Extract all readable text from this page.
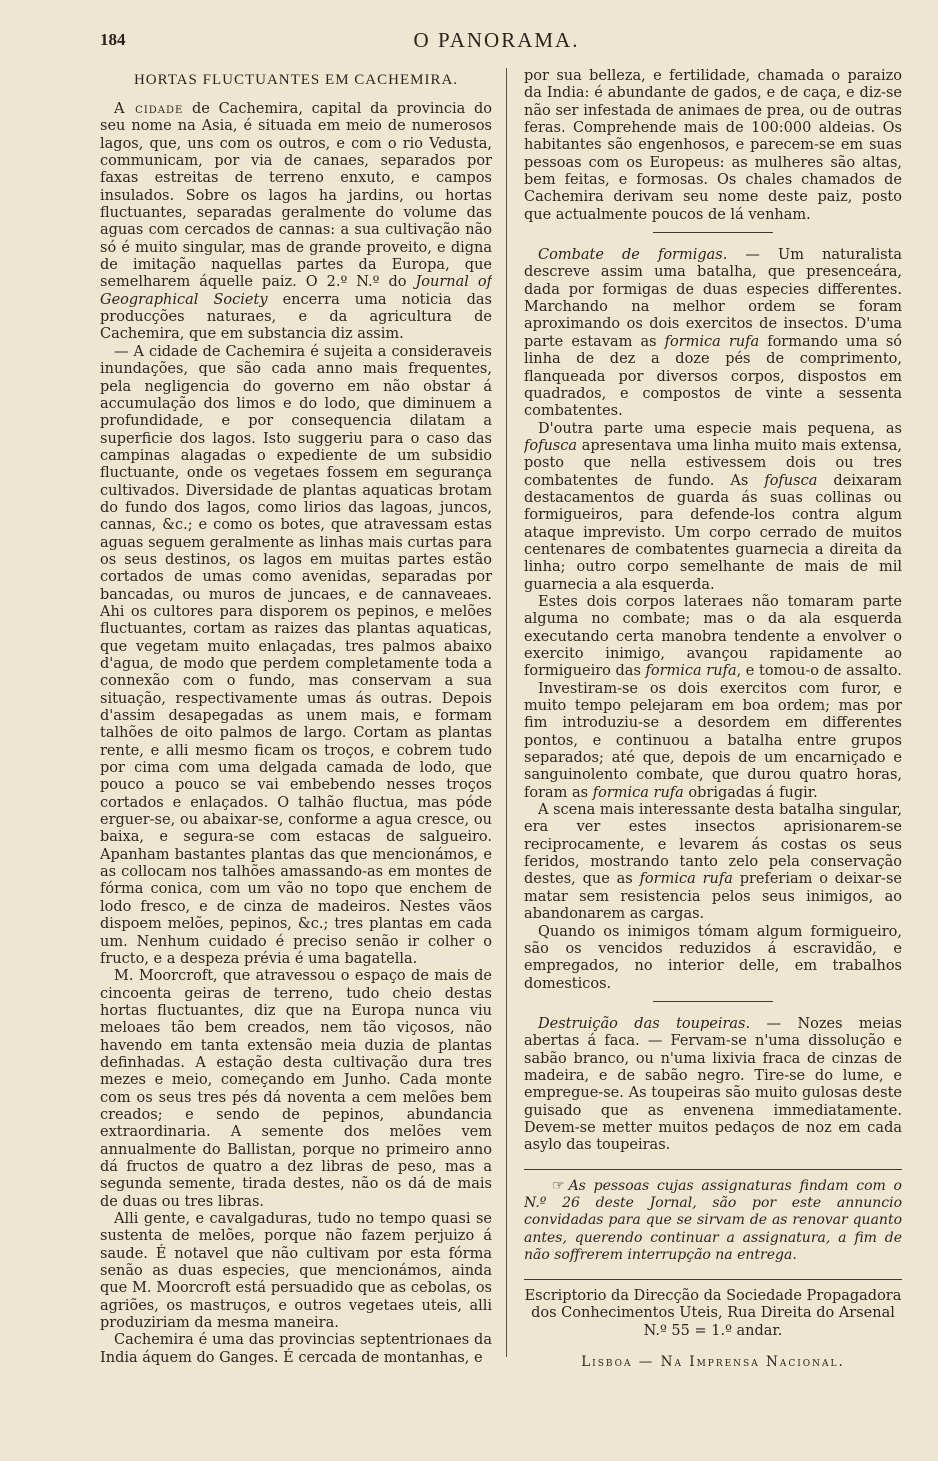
184	O PANORAMA.
HORTAS FLUCTUANTES EM CACHEMIRA.

A cidade de Cachemira, capital da provincia do seu nome na Asia, é situada em meio de numerosos lagos, que, uns com os outros, e com o rio Vedusta, communicam, por via de canaes, separados por faxas estreitas de terreno enxuto, e campos insulados. Sobre os lagos ha jardins, ou hortas fluctuantes, separadas geralmente do volume das aguas com cercados de cannas: a sua cultivação não só é muito singular, mas de grande proveito, e digna de imitação naquellas partes da Europa, que semelharem áquelle paiz. O 2.º N.º do Journal of Geographical Society encerra uma noticia das producções naturaes, e da agricultura de Cachemira, que em substancia diz assim.

— A cidade de Cachemira é sujeita a consideraveis inundações, que são cada anno mais frequentes, pela negligencia do governo em não obstar á accumulação dos limos e do lodo, que diminuem a profundidade, e por consequencia dilatam a superficie dos lagos. Isto suggeriu para o caso das campinas alagadas o expediente de um subsidio fluctuante, onde os vegetaes fossem em segurança cultivados. Diversidade de plantas aquaticas brotam do fundo dos lagos, como lirios das lagoas, juncos, cannas, &c.; e como os botes, que atravessam estas aguas seguem geralmente as linhas mais curtas para os seus destinos, os lagos em muitas partes estão cortados de umas como avenidas, separadas por bancadas, ou muros de juncaes, e de cannaveaes. Ahi os cultores para disporem os pepinos, e melões fluctuantes, cortam as raizes das plantas aquaticas, que vegetam muito enlaçadas, tres palmos abaixo d'agua, de modo que perdem completamente toda a connexão com o fundo, mas conservam a sua situação, respectivamente umas ás outras. Depois d'assim desapegadas as unem mais, e formam talhões de oito palmos de largo. Cortam as plantas rente, e alli mesmo ficam os troços, e cobrem tudo por cima com uma delgada camada de lodo, que pouco a pouco se vai embebendo nesses troços cortados e enlaçados. O talhão fluctua, mas póde erguer-se, ou abaixar-se, conforme a agua cresce, ou baixa, e segura-se com estacas de salgueiro. Apanham bastantes plantas das que mencionámos, e as collocam nos talhões amassando-as em montes de fórma conica, com um vão no topo que enchem de lodo fresco, e de cinza de madeiros. Nestes vãos dispoem melões, pepinos, &c.; tres plantas em cada um. Nenhum cuidado é preciso senão ir colher o fructo, e a despeza prévia é uma bagatella.

M. Moorcroft, que atravessou o espaço de mais de cincoenta geiras de terreno, tudo cheio destas hortas fluctuantes, diz que na Europa nunca viu meloaes tão bem creados, nem tão viçosos, não havendo em tanta extensão meia duzia de plantas definhadas. A estação desta cultivação dura tres mezes e meio, começando em Junho. Cada monte com os seus tres pés dá noventa a cem melões bem creados; e sendo de pepinos, abundancia extraordinaria. A semente dos melões vem annualmente do Ballistan, porque no primeiro anno dá fructos de quatro a dez libras de peso, mas a segunda semente, tirada destes, não os dá de mais de duas ou tres libras.

Alli gente, e cavalgaduras, tudo no tempo quasi se sustenta de melões, porque não fazem perjuizo á saude. É notavel que não cultivam por esta fórma senão as duas especies, que mencionámos, ainda que M. Moorcroft está persuadido que as cebolas, os agriões, os mastruços, e outros vegetaes uteis, alli produziriam da mesma maneira.

Cachemira é uma das provincias septentrionaes da India áquem do Ganges. É cercada de montanhas, e

por sua belleza, e fertilidade, chamada o paraizo da India: é abundante de gados, e de caça, e diz-se não ser infestada de animaes de prea, ou de outras feras. Comprehende mais de 100:000 aldeias. Os habitantes são engenhosos, e parecem-se em suas pessoas com os Europeus: as mulheres são altas, bem feitas, e formosas. Os chales chamados de Cachemira derivam seu nome deste paiz, posto que actualmente poucos de lá venham.

Combate de formigas. — Um naturalista descreve assim uma batalha, que presenceára, dada por formigas de duas especies differentes. Marchando na melhor ordem se foram aproximando os dois exercitos de insectos. D'uma parte estavam as formica rufa formando uma só linha de dez a doze pés de comprimento, flanqueada por diversos corpos, dispostos em quadrados, e compostos de vinte a sessenta combatentes.

D'outra parte uma especie mais pequena, as fofusca apresentava uma linha muito mais extensa, posto que nella estivessem dois ou tres combatentes de fundo. As fofusca deixaram destacamentos de guarda ás suas collinas ou formigueiros, para defende-los contra algum ataque imprevisto. Um corpo cerrado de muitos centenares de combatentes guarnecia a direita da linha; outro corpo semelhante de mais de mil guarnecia a ala esquerda.

Estes dois corpos lateraes não tomaram parte alguma no combate; mas o da ala esquerda executando certa manobra tendente a envolver o exercito inimigo, avançou rapidamente ao formigueiro das formica rufa, e tomou-o de assalto.

Investiram-se os dois exercitos com furor, e muito tempo pelejaram em boa ordem; mas por fim introduziu-se a desordem em differentes pontos, e continuou a batalha entre grupos separados; até que, depois de um encarniçado e sanguinolento combate, que durou quatro horas, foram as formica rufa obrigadas á fugir.

A scena mais interessante desta batalha singular, era ver estes insectos aprisionarem-se reciprocamente, e levarem ás costas os seus feridos, mostrando tanto zelo pela conservação destes, que as formica rufa preferiam o deixar-se matar sem resistencia pelos seus inimigos, ao abandonarem as cargas.

Quando os inimigos tómam algum formigueiro, são os vencidos reduzidos á escravidão, e empregados, no interior delle, em trabalhos domesticos.

Destruição das toupeiras. — Nozes meias abertas á faca. — Fervam-se n'uma dissolução e sabão branco, ou n'uma lixivia fraca de cinzas de madeira, e de sabão negro. Tire-se do lume, e empregue-se. As toupeiras são muito gulosas deste guisado que as envenena immediatamente. Devem-se metter muitos pedaços de noz em cada asylo das toupeiras.

☞ As pessoas cujas assignaturas findam com o N.º 26 deste Jornal, são por este annuncio convidadas para que se sirvam de as renovar quanto antes, querendo continuar a assignatura, a fim de não soffrerem interrupção na entrega.

Escriptorio da Direcção da Sociedade Propagadora
dos Conhecimentos Uteis, Rua Direita do Arsenal
N.º 55 = 1.º andar.
Lisboa — Na Imprensa Nacional.
